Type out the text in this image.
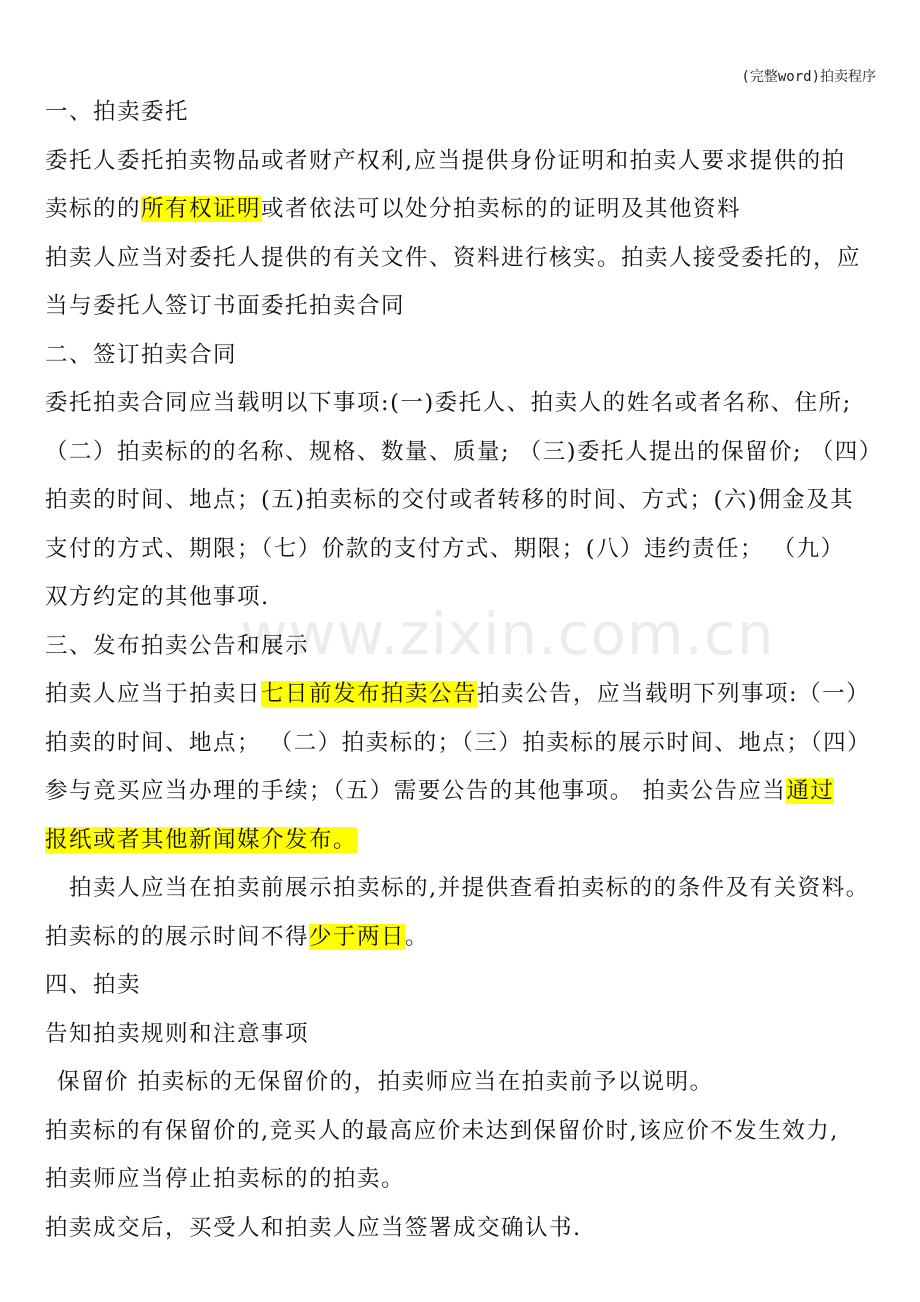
(完整word)拍卖程序
www.zixin.com.cn
一、拍卖委托
委托人委托拍卖物品或者财产权利,应当提供身份证明和拍卖人要求提供的拍
卖标的的所有权证明或者依法可以处分拍卖标的的证明及其他资料
拍卖人应当对委托人提供的有关文件、资料进行核实。拍卖人接受委托的，应
当与委托人签订书面委托拍卖合同
二、签订拍卖合同
委托拍卖合同应当载明以下事项:(一)委托人、拍卖人的姓名或者名称、住所;
（二）拍卖标的的名称、规格、数量、质量; （三)委托人提出的保留价; （四）
拍卖的时间、地点；(五)拍卖标的交付或者转移的时间、方式；(六)佣金及其
支付的方式、期限；（七）价款的支付方式、期限；(八）违约责任； （九）
双方约定的其他事项.
三、发布拍卖公告和展示
拍卖人应当于拍卖日七日前发布拍卖公告拍卖公告，应当载明下列事项:（一）
拍卖的时间、地点； （二）拍卖标的；（三）拍卖标的展示时间、地点；（四）
参与竞买应当办理的手续；（五）需要公告的其他事项。 拍卖公告应当通过
报纸或者其他新闻媒介发布。
拍卖人应当在拍卖前展示拍卖标的,并提供查看拍卖标的的条件及有关资料。
拍卖标的的展示时间不得少于两日。
四、拍卖
告知拍卖规则和注意事项
保留价 拍卖标的无保留价的，拍卖师应当在拍卖前予以说明。
拍卖标的有保留价的,竞买人的最高应价未达到保留价时,该应价不发生效力,
拍卖师应当停止拍卖标的的拍卖。
拍卖成交后，买受人和拍卖人应当签署成交确认书.
